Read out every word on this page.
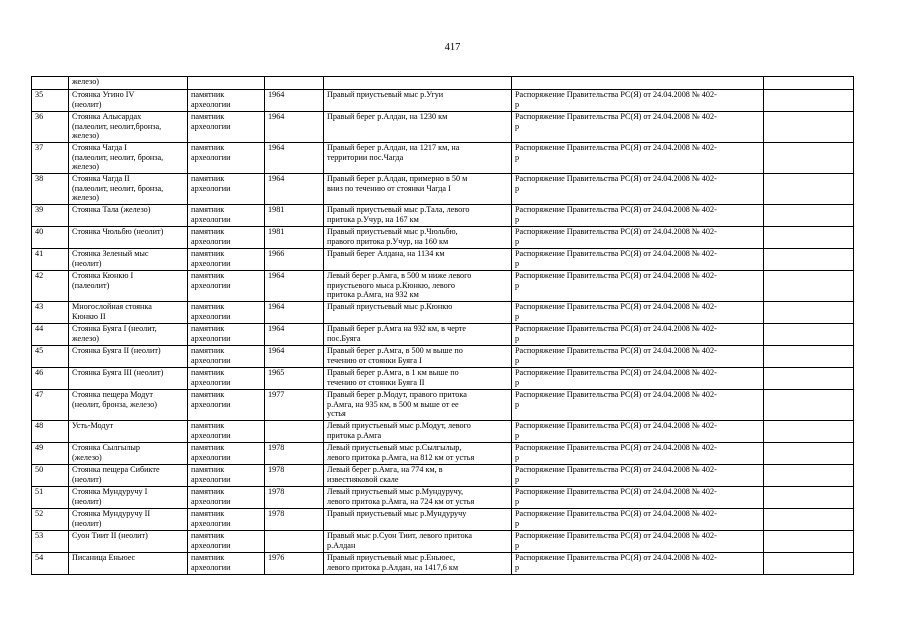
417
	железо)					
35	Стоянка Угино IV
(неолит)	памятник
археологии	1964	Правый приустьевый мыс р.Угуи	Распоряжение Правительства РС(Я) от 24.04.2008 № 402-
р	
36	Стоянка Алысардах
(палеолит, неолит,бронза,
железо)	памятник
археологии	1964	Правый берег р.Алдан, на 1230 км	Распоряжение Правительства РС(Я) от 24.04.2008 № 402-
р	
37	Стоянка Чагда I
(палеолит, неолит, бронза,
железо)	памятник
археологии	1964	Правый берег р.Алдан, на 1217 км, на
территории пос.Чагда	Распоряжение Правительства РС(Я) от 24.04.2008 № 402-
р	
38	Стоянка Чагда II
(палеолит, неолит, бронза,
железо)	памятник
археологии	1964	Правый берег р.Алдан, примерно в 50 м
вниз по течению от стоянки Чагда I	Распоряжение Правительства РС(Я) от 24.04.2008 № 402-
р	
39	Стоянка Тала (железо)	памятник
археологии	1981	Правый приустьевый мыс р.Тала, левого
притока р.Учур, на 167 км	Распоряжение Правительства РС(Я) от 24.04.2008 № 402-
р	
40	Стоянка Чюльбю (неолит)	памятник
археологии	1981	Правый приустьевый мыс р.Чюльбю,
правого притока р.Учур, на 160 км	Распоряжение Правительства РС(Я) от 24.04.2008 № 402-
р	
41	Стоянка Зеленый мыс
(неолит)	памятник
археологии	1966	Правый берег Алдана, на 1134 км	Распоряжение Правительства РС(Я) от 24.04.2008 № 402-
р	
42	Стоянка Кюнкю I
(палеолит)	памятник
археологии	1964	Левый берег р.Амга, в 500 м ниже левого
приустьевого мыса р.Кюнкю, левого
притока р.Амга, на 932 км	Распоряжение Правительства РС(Я) от 24.04.2008 № 402-
р	
43	Многослойная стоянка
Кюнкю II	памятник
археологии	1964	Правый приустьевый мыс р.Кюнкю	Распоряжение Правительства РС(Я) от 24.04.2008 № 402-
р	
44	Стоянка Буяга I (неолит,
железо)	памятник
археологии	1964	Правый берег р.Амга на 932 км, в черте
пос.Буяга	Распоряжение Правительства РС(Я) от 24.04.2008 № 402-
р	
45	Стоянка Буяга II (неолит)	памятник
археологии	1964	Правый берег р.Амга, в 500 м выше по
течению от стоянки Буяга I	Распоряжение Правительства РС(Я) от 24.04.2008 № 402-
р	
46	Стоянка Буяга III (неолит)	памятник
археологии	1965	Правый берег р.Амга, в 1 км выше по
течению от стоянки Буяга II	Распоряжение Правительства РС(Я) от 24.04.2008 № 402-
р	
47	Стоянка пещера Модут
(неолит, бронза, железо)	памятник
археологии	1977	Правый берег р.Модут, правого притока
р.Амга, на 935 км, в 500 м выше от ее
устья	Распоряжение Правительства РС(Я) от 24.04.2008 № 402-
р	
48	Усть-Модут	памятник
археологии		Левый приустьевый мыс р.Модут, левого
притока р.Амга	Распоряжение Правительства РС(Я) от 24.04.2008 № 402-
р	
49	Стоянка Сылгылыр
(железо)	памятник
археологии	1978	Левый приустьевый мыс р.Сылгылыр,
левого притока р.Амга, на 812 км от устья	Распоряжение Правительства РС(Я) от 24.04.2008 № 402-
р	
50	Стоянка пещера Сибикте
(неолит)	памятник
археологии	1978	Левый берег р.Амга, на 774 км, в
известняковой скале	Распоряжение Правительства РС(Я) от 24.04.2008 № 402-
р	
51	Стоянка Мундуручу I
(неолит)	памятник
археологии	1978	Левый приустьевый мыс р.Мундуручу,
левого притока р.Амга, на 724 км от устья	Распоряжение Правительства РС(Я) от 24.04.2008 № 402-
р	
52	Стоянка Мундуручу II
(неолит)	памятник
археологии	1978	Правый приустьевый мыс р.Мундуручу	Распоряжение Правительства РС(Я) от 24.04.2008 № 402-
р	
53	Суон Тиит II (неолит)	памятник
археологии		Правый мыс р.Суон Тиит, левого притока
р.Алдан	Распоряжение Правительства РС(Я) от 24.04.2008 № 402-
р	
54	Писаница Еньюес	памятник
археологии	1976	Правый приустьевый мыс р.Еньюес,
левого притока р.Алдан, на 1417,6 км	Распоряжение Правительства РС(Я) от 24.04.2008 № 402-
р	
